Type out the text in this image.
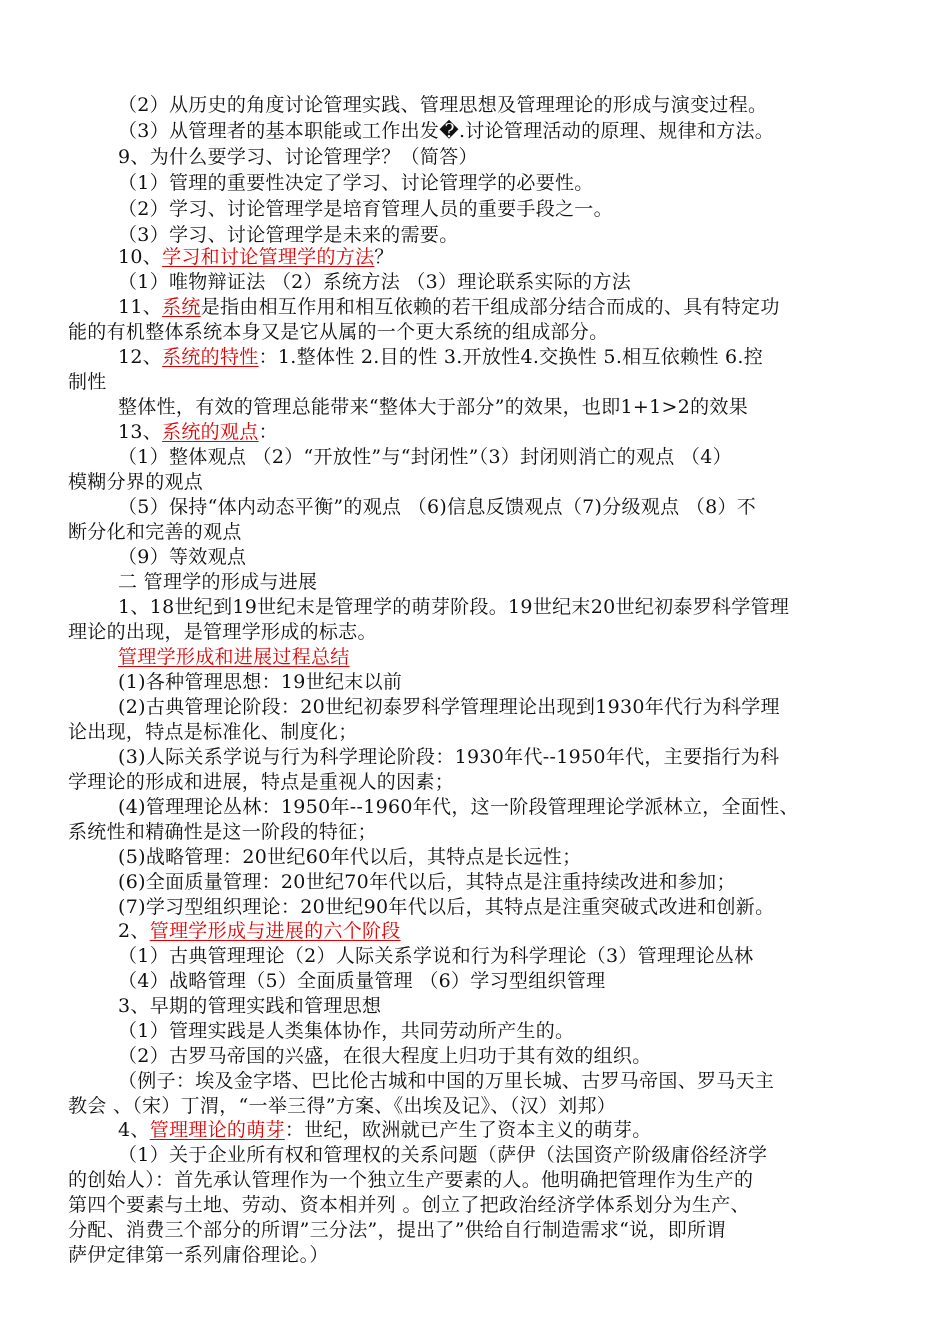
（2）从历史的角度讨论管理实践、管理思想及管理理论的形成与演变过程。
（3）从管理者的基本职能或工作出发�.讨论管理活动的原理、规律和方法。
9、为什么要学习、讨论管理学？（简答）
（1）管理的重要性决定了学习、讨论管理学的必要性。
（2）学习、讨论管理学是培育管理人员的重要手段之一。
（3）学习、讨论管理学是未来的需要。
10、学习和讨论管理学的方法？
（1）唯物辩证法 （2）系统方法 （3）理论联系实际的方法
11、系统是指由相互作用和相互依赖的若干组成部分结合而成的、具有特定功
能的有机整体系统本身又是它从属的一个更大系统的组成部分。
12、系统的特性：1.整体性 2.目的性 3.开放性4.交换性 5.相互依赖性 6.控
制性
整体性，有效的管理总能带来“整体大于部分”的效果，也即1+1>2的效果
13、系统的观点：
（1）整体观点 （2）“开放性”与“封闭性”（3）封闭则消亡的观点 （4）
模糊分界的观点
（5）保持“体内动态平衡”的观点 （6)信息反馈观点（7)分级观点 （8）不
断分化和完善的观点
（9）等效观点
二 管理学的形成与进展
1、18世纪到19世纪末是管理学的萌芽阶段。19世纪末20世纪初泰罗科学管理
理论的出现，是管理学形成的标志。
管理学形成和进展过程总结
(1)各种管理思想：19世纪末以前
(2)古典管理论阶段：20世纪初泰罗科学管理理论出现到1930年代行为科学理
论出现，特点是标准化、制度化；
(3)人际关系学说与行为科学理论阶段：1930年代--1950年代，主要指行为科
学理论的形成和进展，特点是重视人的因素；
(4)管理理论丛林：1950年--1960年代，这一阶段管理理论学派林立，全面性、
系统性和精确性是这一阶段的特征；
(5)战略管理：20世纪60年代以后，其特点是长远性；
(6)全面质量管理：20世纪70年代以后，其特点是注重持续改进和参加；
(7)学习型组织理论：20世纪90年代以后，其特点是注重突破式改进和创新。
2、管理学形成与进展的六个阶段
（1）古典管理理论（2）人际关系学说和行为科学理论（3）管理理论丛林
（4）战略管理（5）全面质量管理 （6）学习型组织管理
3、早期的管理实践和管理思想
（1）管理实践是人类集体协作，共同劳动所产生的。
（2）古罗马帝国的兴盛，在很大程度上归功于其有效的组织。
（例子：埃及金字塔、巴比伦古城和中国的万里长城、古罗马帝国、罗马天主
教会 、（宋）丁渭，“一举三得”方案、《出埃及记》、（汉）刘邦）
4、管理理论的萌芽：世纪，欧洲就已产生了资本主义的萌芽。
（1）关于企业所有权和管理权的关系问题（萨伊（法国资产阶级庸俗经济学
的创始人）：首先承认管理作为一个独立生产要素的人。他明确把管理作为生产的
第四个要素与土地、劳动、资本相并列 。创立了把政治经济学体系划分为生产、
分配、消费三个部分的所谓”三分法”，提出了”供给自行制造需求“说，即所谓
萨伊定律第一系列庸俗理论。）
